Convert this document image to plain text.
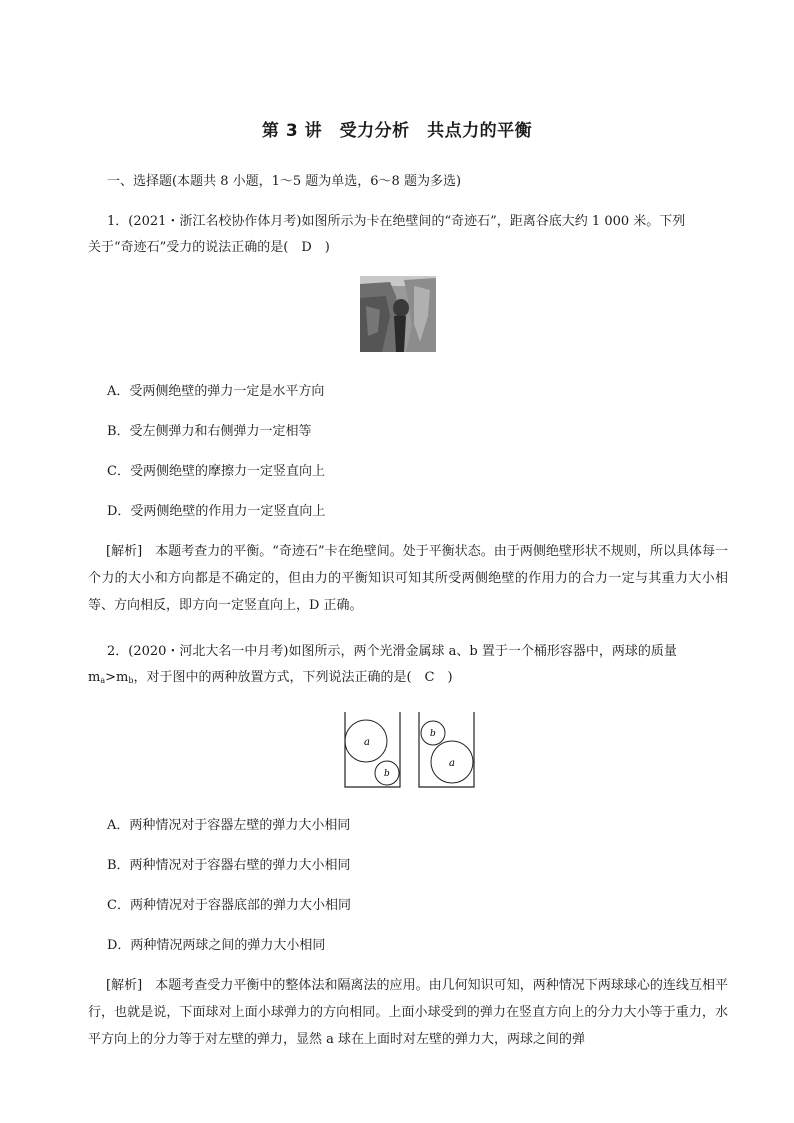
第 3 讲　受力分析　共点力的平衡
一、选择题(本题共 8 小题，1～5 题为单选，6～8 题为多选)
1．(2021・浙江名校协作体月考)如图所示为卡在绝壁间的“奇迹石”，距离谷底大约 1 000 米。下列
关于“奇迹石”受力的说法正确的是(　D　)
A．受两侧绝壁的弹力一定是水平方向
B．受左侧弹力和右侧弹力一定相等
C．受两侧绝壁的摩擦力一定竖直向上
D．受两侧绝壁的作用力一定竖直向上
[解析]　本题考查力的平衡。“奇迹石”卡在绝壁间。处于平衡状态。由于两侧绝壁形状不规则，所以具体每一个力的大小和方向都是不确定的，但由力的平衡知识可知其所受两侧绝壁的作用力的合力一定与其重力大小相等、方向相反，即方向一定竖直向上，D 正确。
2．(2020・河北大名一中月考)如图所示，两个光滑金属球 a、b 置于一个桶形容器中，两球的质量
$m_a>m_b$，对于图中的两种放置方式，下列说法正确的是(　C　)
a
b
b
a
A．两种情况对于容器左壁的弹力大小相同
B．两种情况对于容器右壁的弹力大小相同
C．两种情况对于容器底部的弹力大小相同
D．两种情况两球之间的弹力大小相同
[解析]　本题考查受力平衡中的整体法和隔离法的应用。由几何知识可知，两种情况下两球球心的连线互相平行，也就是说，下面球对上面小球弹力的方向相同。上面小球受到的弹力在竖直方向上的分力大小等于重力，水平方向上的分力等于对左壁的弹力，显然 a 球在上面时对左壁的弹力大，两球之间的弹
